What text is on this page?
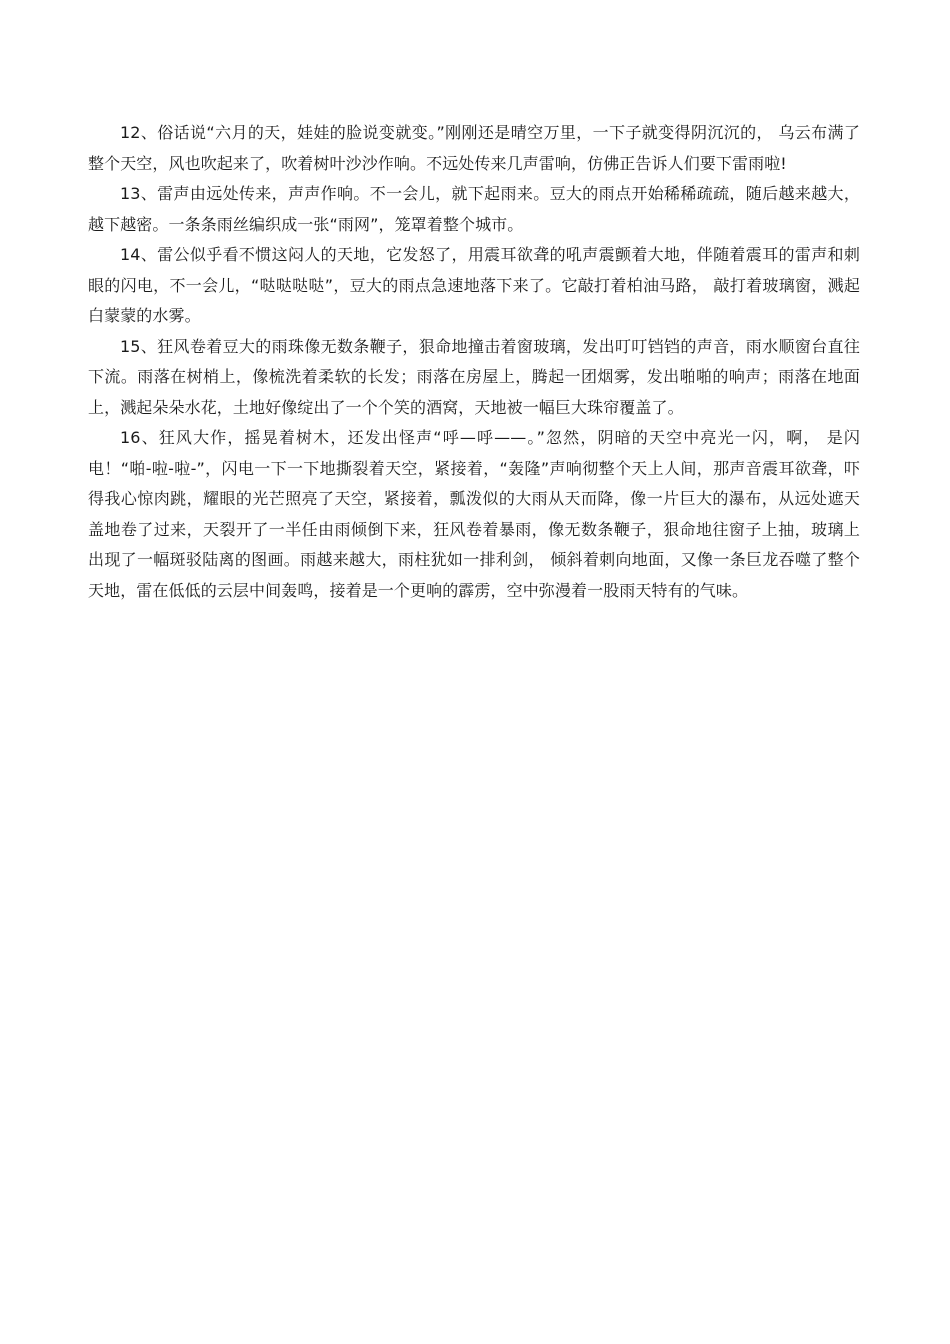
12、俗话说“六月的天，娃娃的脸说变就变。”刚刚还是晴空万里，一下子就变得阴沉沉的， 乌云布满了整个天空，风也吹起来了，吹着树叶沙沙作响。不远处传来几声雷响，仿佛正告诉人们要下雷雨啦!

13、雷声由远处传来，声声作响。不一会儿，就下起雨来。豆大的雨点开始稀稀疏疏，随后越来越大，越下越密。一条条雨丝编织成一张“雨网”，笼罩着整个城市。

14、雷公似乎看不惯这闷人的天地，它发怒了，用震耳欲聋的吼声震颤着大地，伴随着震耳的雷声和刺眼的闪电，不一会儿，“哒哒哒哒”，豆大的雨点急速地落下来了。它敲打着柏油马路， 敲打着玻璃窗，溅起白蒙蒙的水雾。

15、狂风卷着豆大的雨珠像无数条鞭子，狠命地撞击着窗玻璃，发出叮叮铛铛的声音，雨水顺窗台直往下流。雨落在树梢上，像梳洗着柔软的长发；雨落在房屋上，腾起一团烟雾，发出啪啪的响声；雨落在地面上，溅起朵朵水花，土地好像绽出了一个个笑的酒窝，天地被一幅巨大珠帘覆盖了。

16、狂风大作，摇晃着树木，还发出怪声“呼—呼——。”忽然，阴暗的天空中亮光一闪，啊， 是闪电！“啪-啦-啦-”，闪电一下一下地撕裂着天空，紧接着，“轰隆”声响彻整个天上人间，那声音震耳欲聋，吓得我心惊肉跳，耀眼的光芒照亮了天空，紧接着，瓢泼似的大雨从天而降，像一片巨大的瀑布，从远处遮天盖地卷了过来，天裂开了一半任由雨倾倒下来，狂风卷着暴雨，像无数条鞭子，狠命地往窗子上抽，玻璃上出现了一幅斑驳陆离的图画。雨越来越大，雨柱犹如一排利剑， 倾斜着刺向地面，又像一条巨龙吞噬了整个天地，雷在低低的云层中间轰鸣，接着是一个更响的霹雳，空中弥漫着一股雨天特有的气味。
